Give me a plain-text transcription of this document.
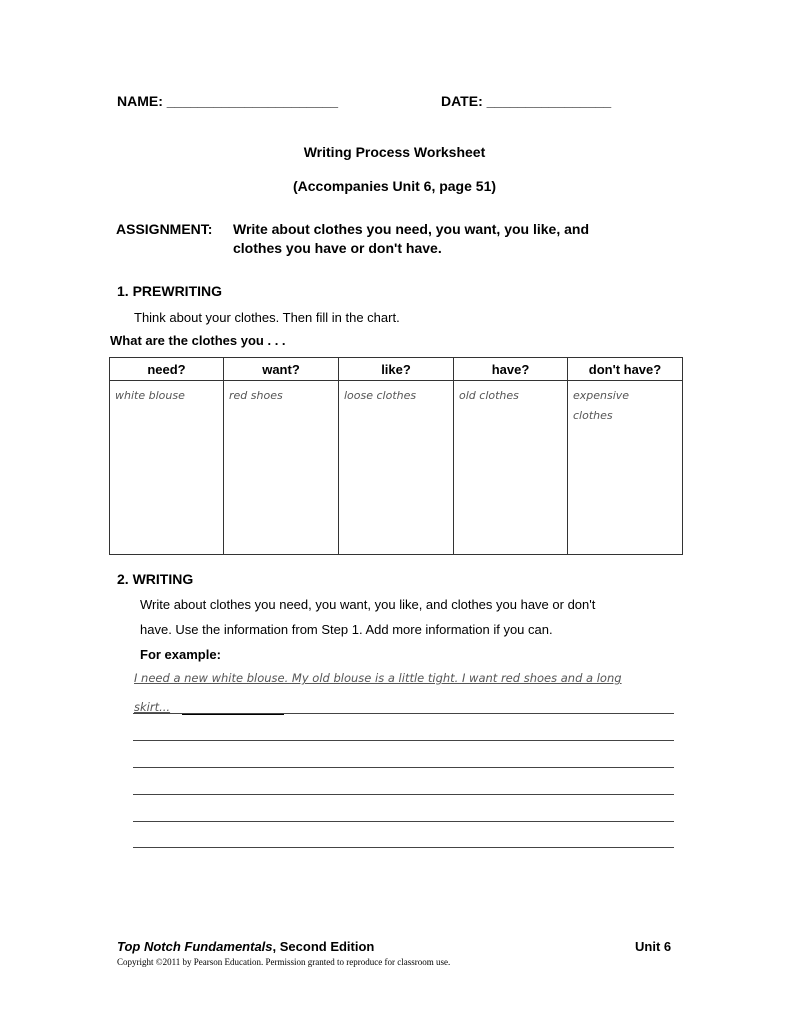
NAME: ______________________	DATE: ________________
Writing Process Worksheet
(Accompanies Unit 6, page 51)
ASSIGNMENT: Write about clothes you need, you want, you like, and
clothes you have or don't have.
1. PREWRITING
Think about your clothes. Then fill in the chart.
What are the clothes you . . .
need?	want?	like?	have?	don't have?
white blouse	red shoes	loose clothes	old clothes	expensive clothes
2. WRITING
Write about clothes you need, you want, you like, and clothes you have or don't
have. Use the information from Step 1. Add more information if you can.
For example:
I need a new white blouse. My old blouse is a little tight. I want red shoes and a long
skirt...
Top Notch Fundamentals, Second Edition	Unit 6
Copyright ©2011 by Pearson Education. Permission granted to reproduce for classroom use.
